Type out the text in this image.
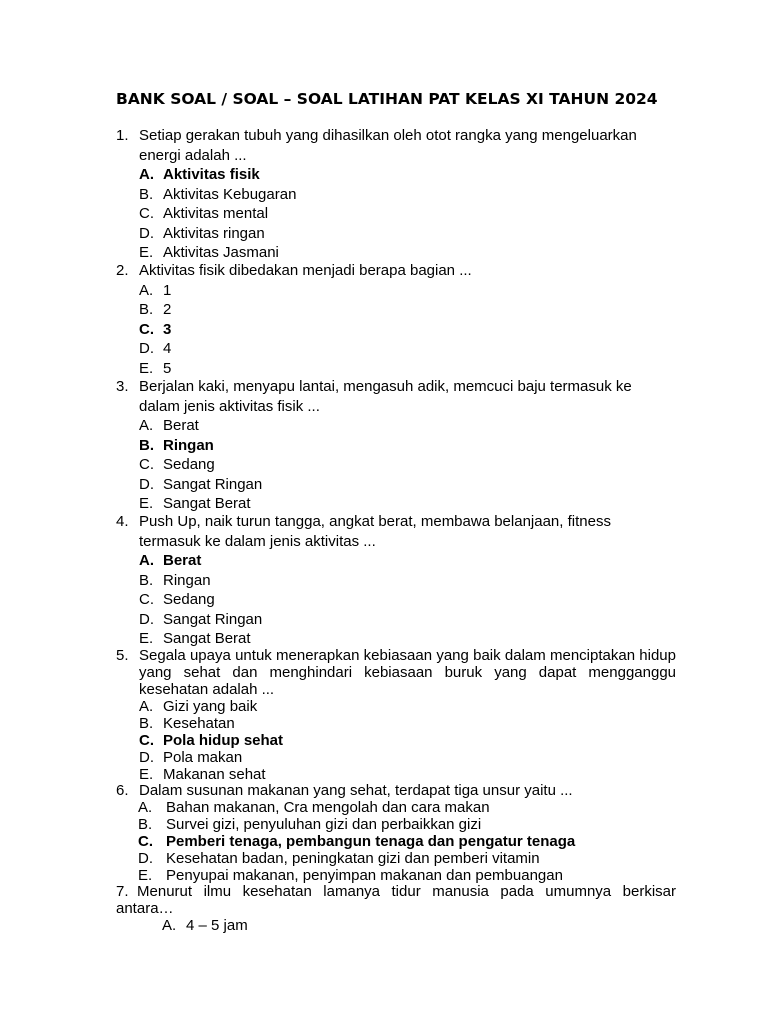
BANK SOAL / SOAL – SOAL LATIHAN PAT KELAS XI TAHUN 2024
1. Setiap gerakan tubuh yang dihasilkan oleh otot rangka yang mengeluarkan energi adalah ...
A. Aktivitas fisik
B. Aktivitas Kebugaran
C. Aktivitas mental
D. Aktivitas ringan
E. Aktivitas Jasmani
2. Aktivitas fisik dibedakan menjadi berapa bagian ...
A. 1
B. 2
C. 3
D. 4
E. 5
3. Berjalan kaki, menyapu lantai, mengasuh adik, memcuci baju termasuk ke dalam jenis aktivitas fisik ...
A. Berat
B. Ringan
C. Sedang
D. Sangat Ringan
E. Sangat Berat
4. Push Up, naik turun tangga, angkat berat, membawa belanjaan, fitness termasuk ke dalam jenis aktivitas ...
A. Berat
B. Ringan
C. Sedang
D. Sangat Ringan
E. Sangat Berat
5. Segala upaya untuk menerapkan kebiasaan yang baik dalam menciptakan hidup yang sehat dan menghindari kebiasaan buruk yang dapat mengganggu kesehatan adalah ...
A. Gizi yang baik
B. Kesehatan
C. Pola hidup sehat
D. Pola makan
E. Makanan sehat
6. Dalam susunan makanan yang sehat, terdapat tiga unsur yaitu ...
A. Bahan makanan, Cra mengolah dan cara makan
B. Survei gizi, penyuluhan gizi dan perbaikkan gizi
C. Pemberi tenaga, pembangun tenaga dan pengatur tenaga
D. Kesehatan badan, peningkatan gizi dan pemberi vitamin
E. Penyupai makanan, penyimpan makanan dan pembuangan
7. Menurut ilmu kesehatan lamanya tidur manusia pada umumnya berkisar antara…
A. 4 – 5 jam
